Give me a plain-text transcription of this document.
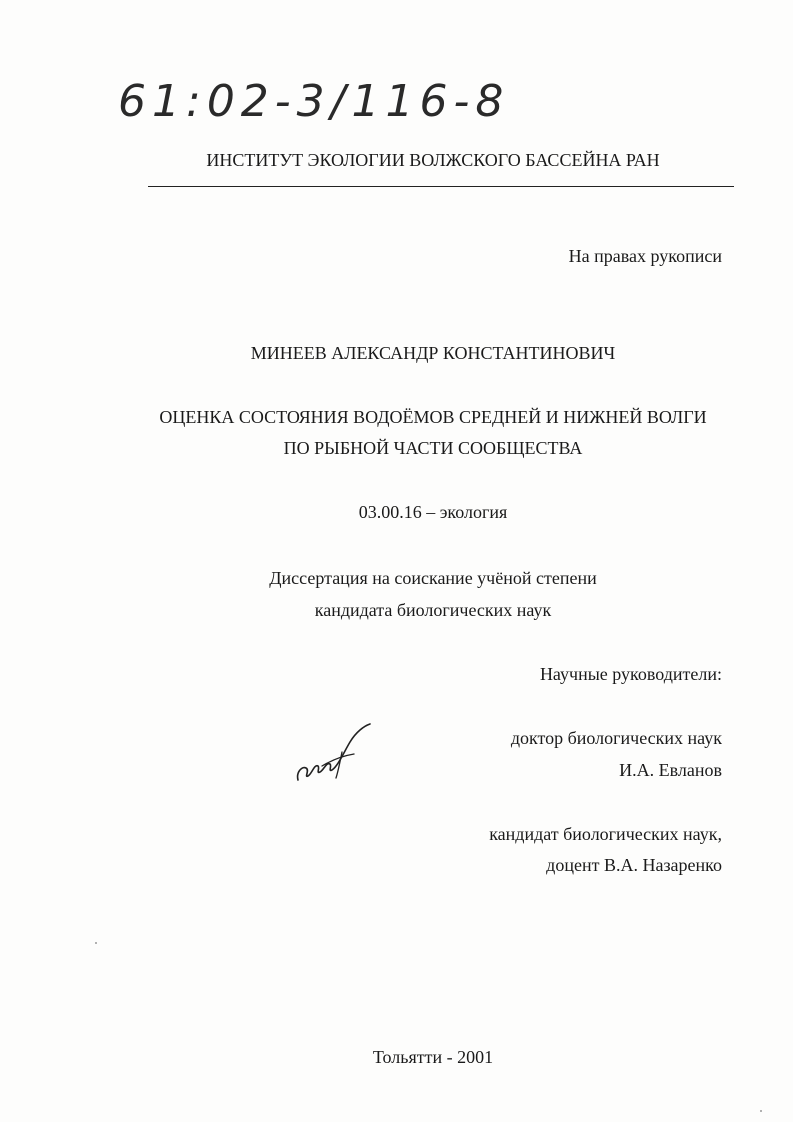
61:02-3/116-8
ИНСТИТУТ ЭКОЛОГИИ ВОЛЖСКОГО БАССЕЙНА РАН
На правах рукописи
МИНЕЕВ АЛЕКСАНДР КОНСТАНТИНОВИЧ
ОЦЕНКА СОСТОЯНИЯ ВОДОЁМОВ СРЕДНЕЙ И НИЖНЕЙ ВОЛГИ
ПО РЫБНОЙ ЧАСТИ СООБЩЕСТВА
03.00.16 – экология
Диссертация на соискание учёной степени
кандидата биологических наук
Научные руководители:
доктор биологических наук
И.А. Евланов
кандидат биологических наук,
доцент В.А. Назаренко
Тольятти - 2001
